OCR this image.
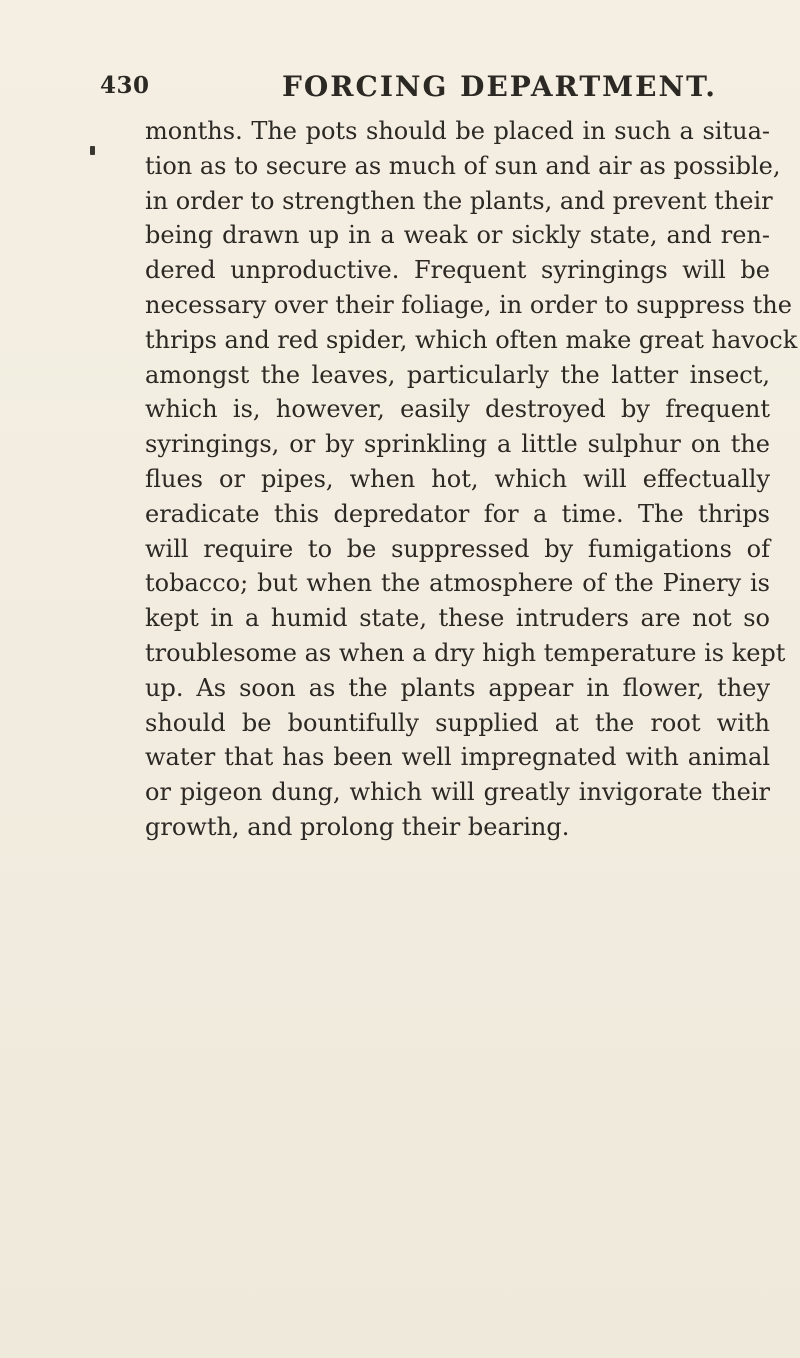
430	FORCING DEPARTMENT.
months. The pots should be placed in such a situa-
tion as to secure as much of sun and air as possible,
in order to strengthen the plants, and prevent their
being drawn up in a weak or sickly state, and ren-
dered unproductive. Frequent syringings will be
necessary over their foliage, in order to suppress the
thrips and red spider, which often make great havock
amongst the leaves, particularly the latter insect,
which is, however, easily destroyed by frequent
syringings, or by sprinkling a little sulphur on the
flues or pipes, when hot, which will effectually
eradicate this depredator for a time. The thrips
will require to be suppressed by fumigations of
tobacco; but when the atmosphere of the Pinery is
kept in a humid state, these intruders are not so
troublesome as when a dry high temperature is kept
up. As soon as the plants appear in flower, they
should be bountifully supplied at the root with
water that has been well impregnated with animal
or pigeon dung, which will greatly invigorate their
growth, and prolong their bearing.
